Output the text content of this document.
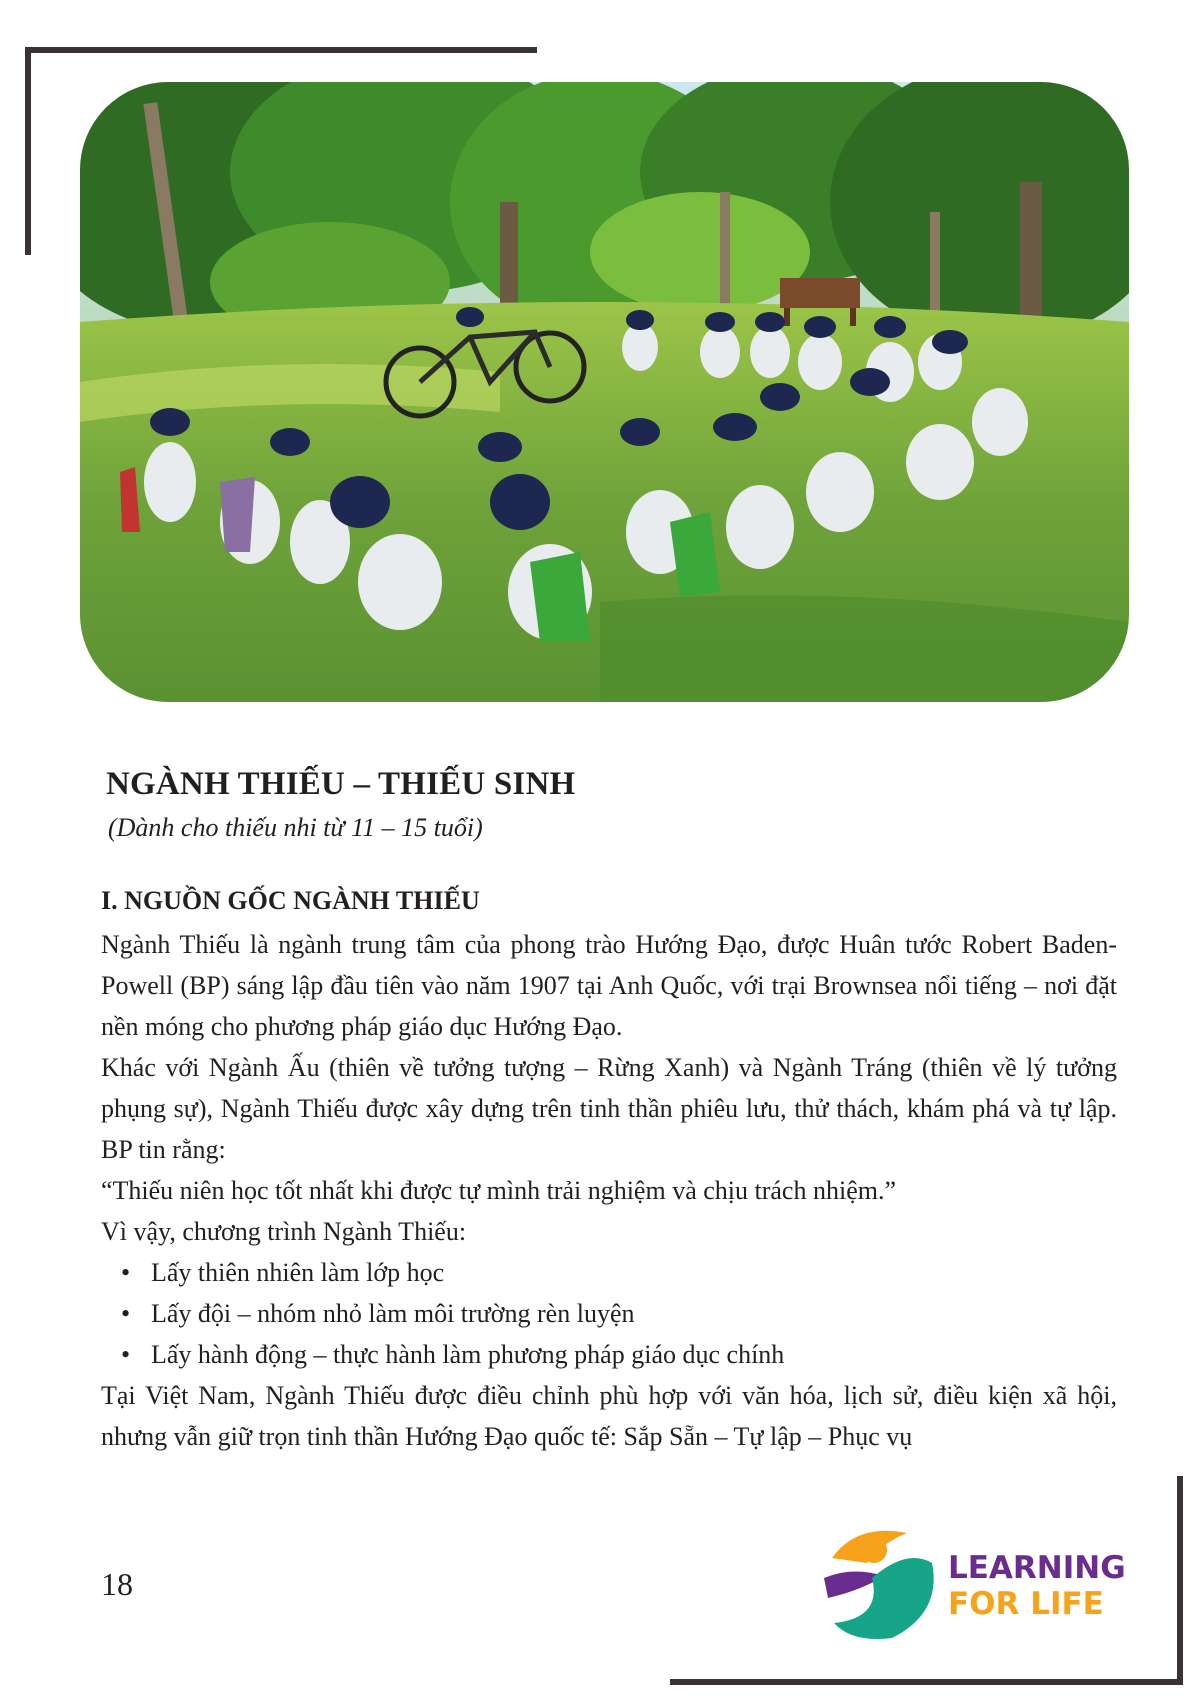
NGÀNH THIẾU – THIẾU SINH

(Dành cho thiếu nhi từ 11 – 15 tuổi)

I. NGUỒN GỐC NGÀNH THIẾU

Ngành Thiếu là ngành trung tâm của phong trào Hướng Đạo, được Huân tước Robert Baden-Powell (BP) sáng lập đầu tiên vào năm 1907 tại Anh Quốc, với trại Brownsea nổi tiếng – nơi đặt nền móng cho phương pháp giáo dục Hướng Đạo.

Khác với Ngành Ấu (thiên về tưởng tượng – Rừng Xanh) và Ngành Tráng (thiên về lý tưởng phụng sự), Ngành Thiếu được xây dựng trên tinh thần phiêu lưu, thử thách, khám phá và tự lập. BP tin rằng:

“Thiếu niên học tốt nhất khi được tự mình trải nghiệm và chịu trách nhiệm.”

Vì vậy, chương trình Ngành Thiếu:

• Lấy thiên nhiên làm lớp học
• Lấy đội – nhóm nhỏ làm môi trường rèn luyện
• Lấy hành động – thực hành làm phương pháp giáo dục chính

Tại Việt Nam, Ngành Thiếu được điều chỉnh phù hợp với văn hóa, lịch sử, điều kiện xã hội, nhưng vẫn giữ trọn tinh thần Hướng Đạo quốc tế: Sắp Sẵn – Tự lập – Phục vụ

18	LEARNING
FOR LIFE
